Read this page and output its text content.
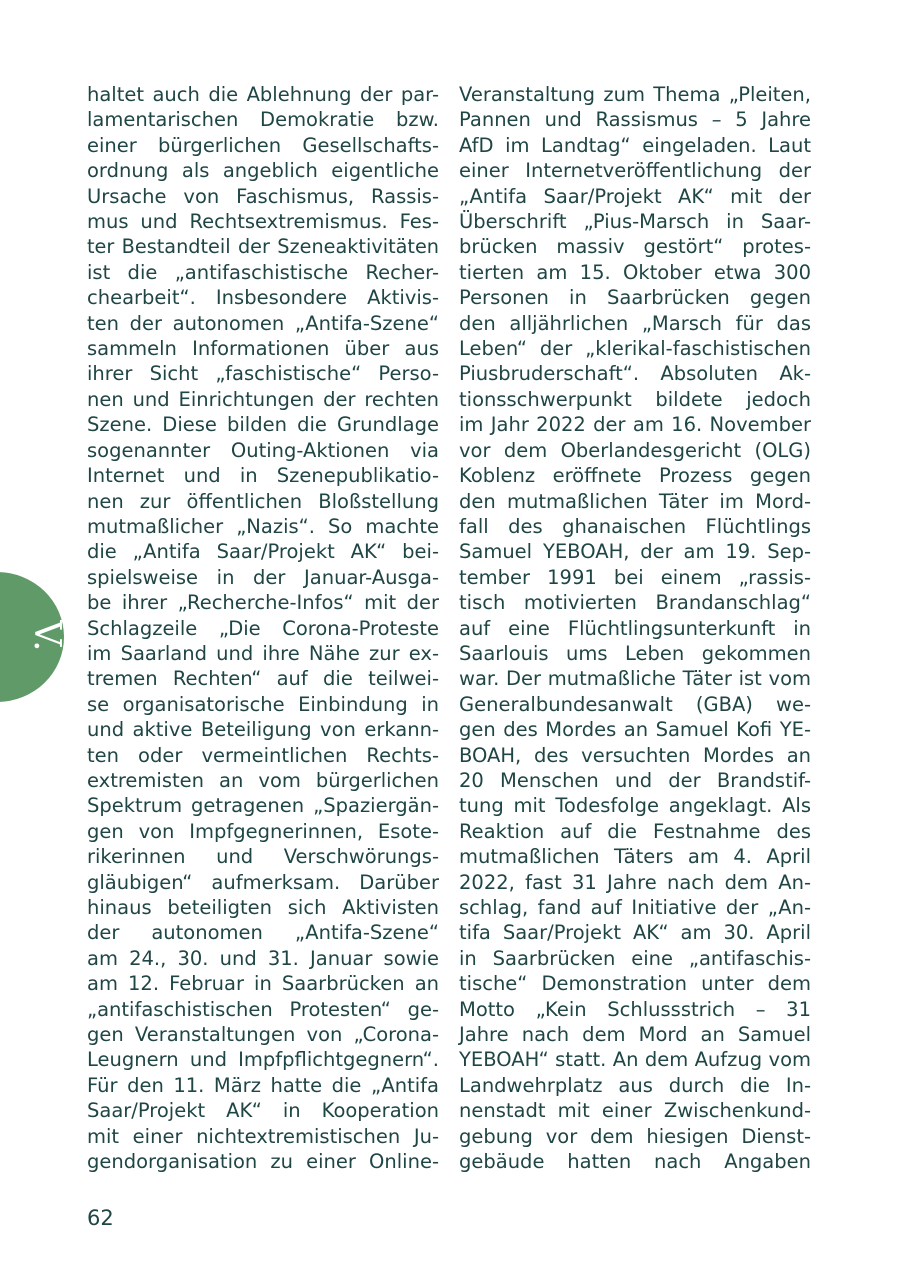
V.
haltet auch die Ablehnung der par-
lamentarischen Demokratie bzw.
einer bürgerlichen Gesellschafts-
ordnung als angeblich eigentliche
Ursache von Faschismus, Rassis-
mus und Rechtsextremismus. Fes-
ter Bestandteil der Szeneaktivitäten
ist die „antifaschistische Recher-
chearbeit“. Insbesondere Aktivis-
ten der autonomen „Antifa-Szene“
sammeln Informationen über aus
ihrer Sicht „faschistische“ Perso-
nen und Einrichtungen der rechten
Szene. Diese bilden die Grundlage
sogenannter Outing-Aktionen via
Internet und in Szenepublikatio-
nen zur öffentlichen Bloßstellung
mutmaßlicher „Nazis“. So machte
die „Antifa Saar/Projekt AK“ bei-
spielsweise in der Januar-Ausga-
be ihrer „Recherche-Infos“ mit der
Schlagzeile „Die Corona-Proteste
im Saarland und ihre Nähe zur ex-
tremen Rechten“ auf die teilwei-
se organisatorische Einbindung in
und aktive Beteiligung von erkann-
ten oder vermeintlichen Rechts-
extremisten an vom bürgerlichen
Spektrum getragenen „Spaziergän-
gen von Impfgegnerinnen, Esote-
rikerinnen und Verschwörungs-
gläubigen“ aufmerksam. Darüber
hinaus beteiligten sich Aktivisten
der autonomen „Antifa-Szene“
am 24., 30. und 31. Januar sowie
am 12. Februar in Saarbrücken an
„antifaschistischen Protesten“ ge-
gen Veranstaltungen von „Corona-
Leugnern und Impfpflichtgegnern“.
Für den 11. März hatte die „Antifa
Saar/Projekt AK“ in Kooperation
mit einer nichtextremistischen Ju-
gendorganisation zu einer Online-
Veranstaltung zum Thema „Pleiten,
Pannen und Rassismus – 5 Jahre
AfD im Landtag“ eingeladen. Laut
einer Internetveröffentlichung der
„Antifa Saar/Projekt AK“ mit der
Überschrift „Pius-Marsch in Saar-
brücken massiv gestört“ protes-
tierten am 15. Oktober etwa 300
Personen in Saarbrücken gegen
den alljährlichen „Marsch für das
Leben“ der „klerikal-faschistischen
Piusbruderschaft“. Absoluten Ak-
tionsschwerpunkt bildete jedoch
im Jahr 2022 der am 16. November
vor dem Oberlandesgericht (OLG)
Koblenz eröffnete Prozess gegen
den mutmaßlichen Täter im Mord-
fall des ghanaischen Flüchtlings
Samuel YEBOAH, der am 19. Sep-
tember 1991 bei einem „rassis-
tisch motivierten Brandanschlag“
auf eine Flüchtlingsunterkunft in
Saarlouis ums Leben gekommen
war. Der mutmaßliche Täter ist vom
Generalbundesanwalt (GBA) we-
gen des Mordes an Samuel Kofi YE-
BOAH, des versuchten Mordes an
20 Menschen und der Brandstif-
tung mit Todesfolge angeklagt. Als
Reaktion auf die Festnahme des
mutmaßlichen Täters am 4. April
2022, fast 31 Jahre nach dem An-
schlag, fand auf Initiative der „An-
tifa Saar/Projekt AK“ am 30. April
in Saarbrücken eine „antifaschis-
tische“ Demonstration unter dem
Motto „Kein Schlussstrich – 31
Jahre nach dem Mord an Samuel
YEBOAH“ statt. An dem Aufzug vom
Landwehrplatz aus durch die In-
nenstadt mit einer Zwischenkund-
gebung vor dem hiesigen Dienst-
gebäude hatten nach Angaben
62
